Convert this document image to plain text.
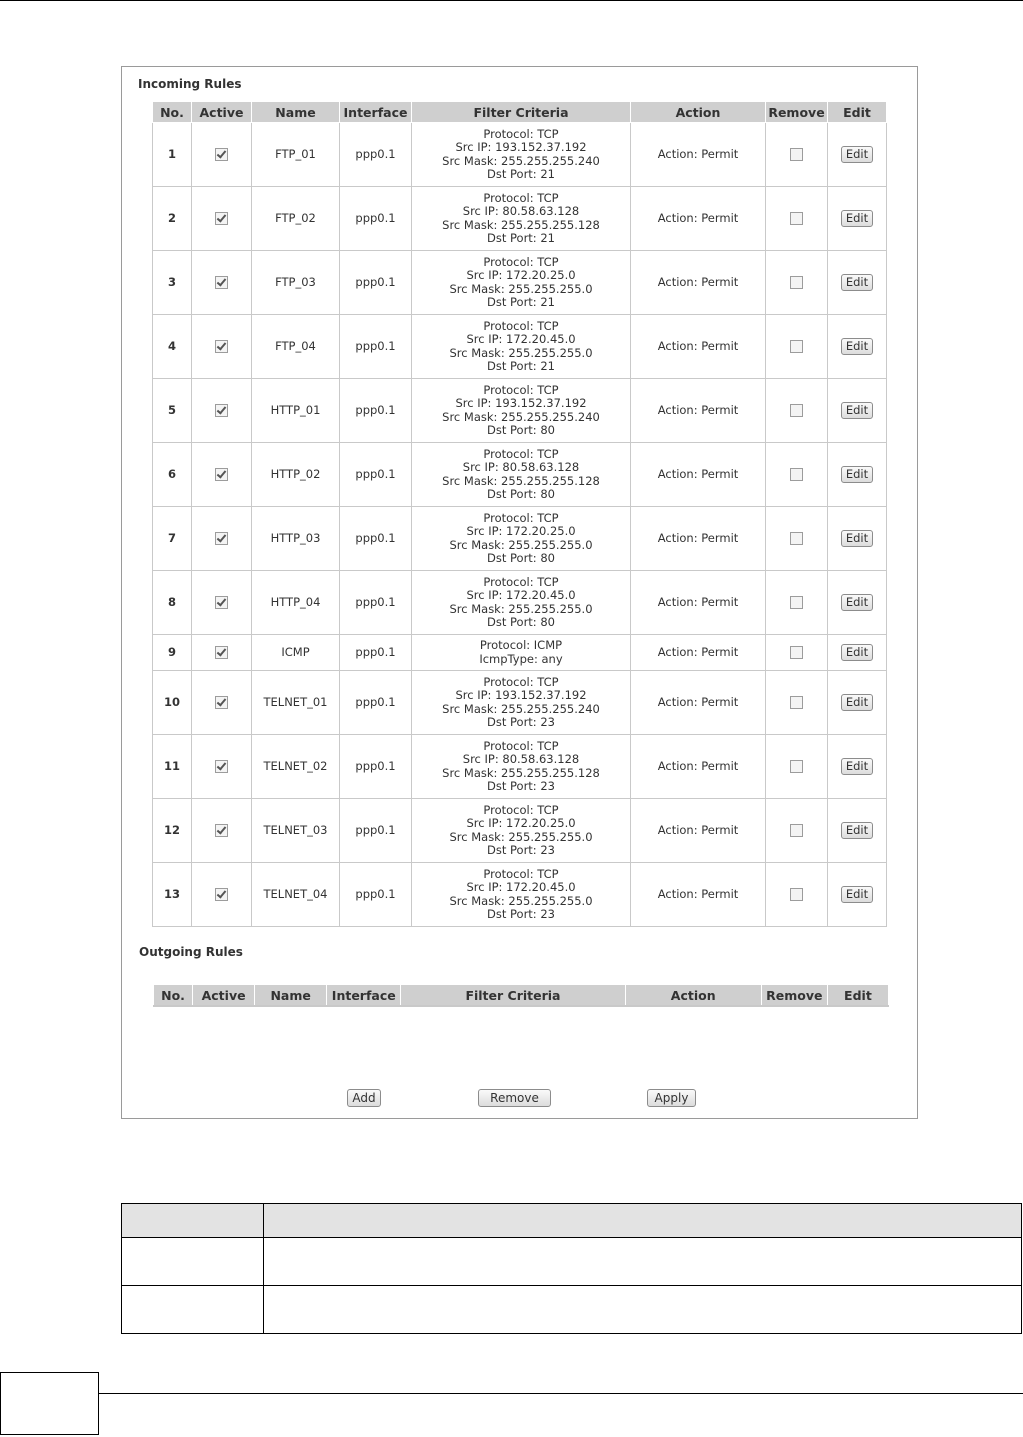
Incoming Rules
No.	Active	Name	Interface	Filter Criteria	Action	Remove	Edit
1		FTP_01	ppp0.1	Protocol: TCP
Src IP: 193.152.37.192
Src Mask: 255.255.255.240
Dst Port: 21	Action: Permit		Edit
2		FTP_02	ppp0.1	Protocol: TCP
Src IP: 80.58.63.128
Src Mask: 255.255.255.128
Dst Port: 21	Action: Permit		Edit
3		FTP_03	ppp0.1	Protocol: TCP
Src IP: 172.20.25.0
Src Mask: 255.255.255.0
Dst Port: 21	Action: Permit		Edit
4		FTP_04	ppp0.1	Protocol: TCP
Src IP: 172.20.45.0
Src Mask: 255.255.255.0
Dst Port: 21	Action: Permit		Edit
5		HTTP_01	ppp0.1	Protocol: TCP
Src IP: 193.152.37.192
Src Mask: 255.255.255.240
Dst Port: 80	Action: Permit		Edit
6		HTTP_02	ppp0.1	Protocol: TCP
Src IP: 80.58.63.128
Src Mask: 255.255.255.128
Dst Port: 80	Action: Permit		Edit
7		HTTP_03	ppp0.1	Protocol: TCP
Src IP: 172.20.25.0
Src Mask: 255.255.255.0
Dst Port: 80	Action: Permit		Edit
8		HTTP_04	ppp0.1	Protocol: TCP
Src IP: 172.20.45.0
Src Mask: 255.255.255.0
Dst Port: 80	Action: Permit		Edit
9		ICMP	ppp0.1	Protocol: ICMP
IcmpType: any	Action: Permit		Edit
10		TELNET_01	ppp0.1	Protocol: TCP
Src IP: 193.152.37.192
Src Mask: 255.255.255.240
Dst Port: 23	Action: Permit		Edit
11		TELNET_02	ppp0.1	Protocol: TCP
Src IP: 80.58.63.128
Src Mask: 255.255.255.128
Dst Port: 23	Action: Permit		Edit
12		TELNET_03	ppp0.1	Protocol: TCP
Src IP: 172.20.25.0
Src Mask: 255.255.255.0
Dst Port: 23	Action: Permit		Edit
13		TELNET_04	ppp0.1	Protocol: TCP
Src IP: 172.20.45.0
Src Mask: 255.255.255.0
Dst Port: 23	Action: Permit		Edit
Outgoing Rules
No.	Active	Name	Interface	Filter Criteria	Action	Remove	Edit
Add	Remove	Apply
